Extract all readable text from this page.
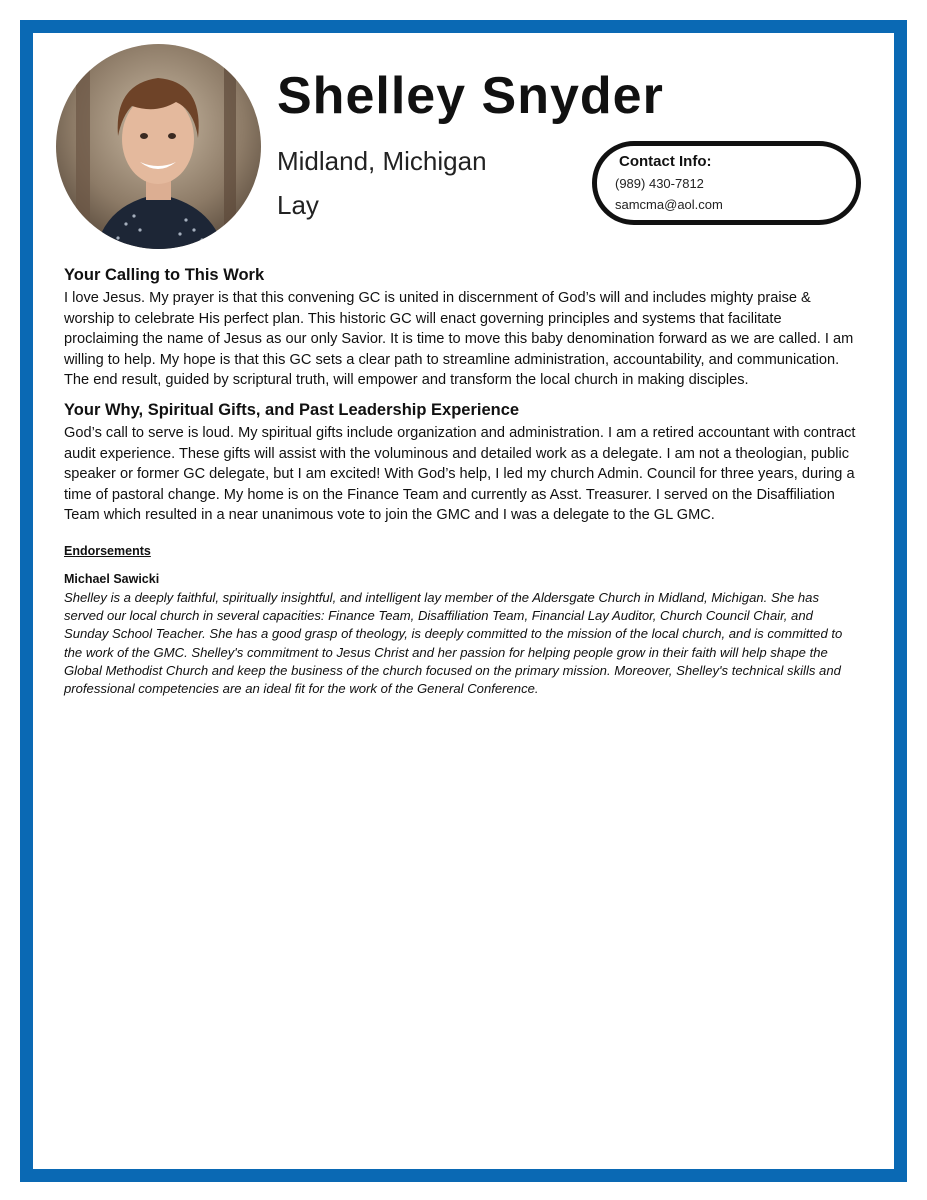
Shelley Snyder
Midland, Michigan
Lay
Contact Info:
(989) 430-7812
samcma@aol.com
Your Calling to This Work

I love Jesus. My prayer is that this convening GC is united in discernment of God’s will and includes mighty praise & worship to celebrate His perfect plan. This historic GC will enact governing principles and systems that facilitate proclaiming the name of Jesus as our only Savior. It is time to move this baby denomination forward as we are called. I am willing to help. My hope is that this GC sets a clear path to streamline administration, accountability, and communication. The end result, guided by scriptural truth, will empower and transform the local church in making disciples.

Your Why, Spiritual Gifts, and Past Leadership Experience

God’s call to serve is loud. My spiritual gifts include organization and administration. I am a retired accountant with contract audit experience. These gifts will assist with the voluminous and detailed work as a delegate. I am not a theologian, public speaker or former GC delegate, but I am excited! With God’s help, I led my church Admin. Council for three years, during a time of pastoral change. My home is on the Finance Team and currently as Asst. Treasurer. I served on the Disaffiliation Team which resulted in a near unanimous vote to join the GMC and I was a delegate to the GL GMC.

Endorsements
Michael Sawicki

Shelley is a deeply faithful, spiritually insightful, and intelligent lay member of the Aldersgate Church in Midland, Michigan. She has served our local church in several capacities: Finance Team, Disaffiliation Team, Financial Lay Auditor, Church Council Chair, and Sunday School Teacher. She has a good grasp of theology, is deeply committed to the mission of the local church, and is committed to the work of the GMC. Shelley's commitment to Jesus Christ and her passion for helping people grow in their faith will help shape the Global Methodist Church and keep the business of the church focused on the primary mission. Moreover, Shelley's technical skills and professional competencies are an ideal fit for the work of the General Conference.
